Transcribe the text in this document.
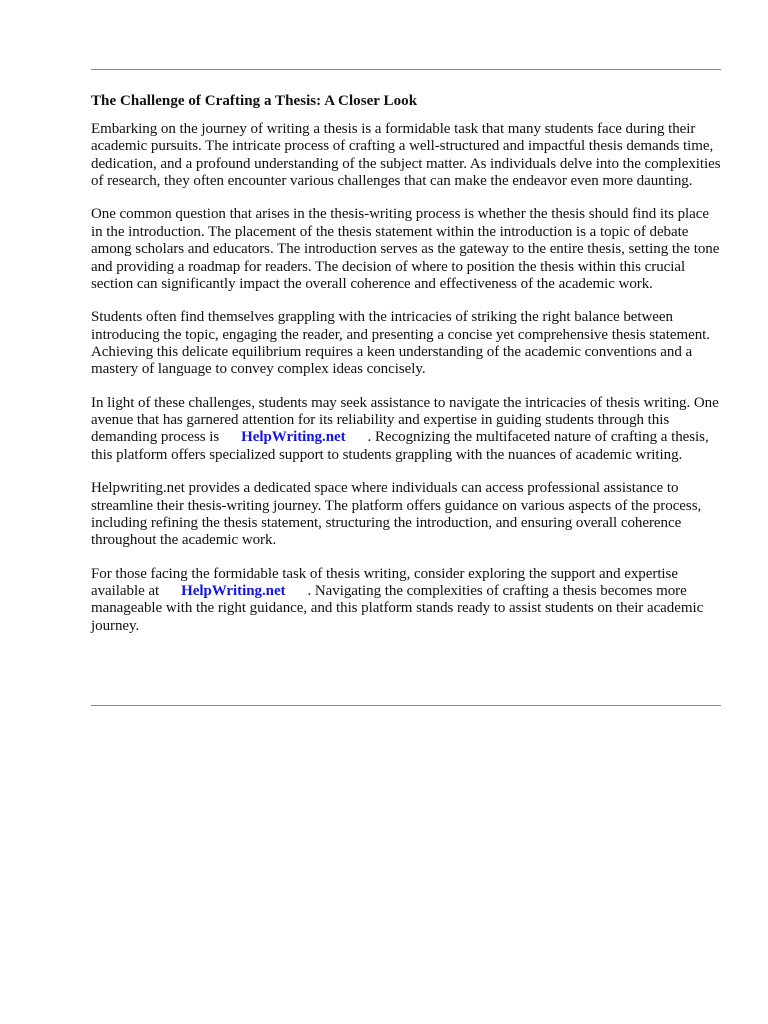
The Challenge of Crafting a Thesis: A Closer Look

Embarking on the journey of writing a thesis is a formidable task that many students face during their academic pursuits. The intricate process of crafting a well-structured and impactful thesis demands time, dedication, and a profound understanding of the subject matter. As individuals delve into the complexities of research, they often encounter various challenges that can make the endeavor even more daunting.

One common question that arises in the thesis-writing process is whether the thesis should find its place in the introduction. The placement of the thesis statement within the introduction is a topic of debate among scholars and educators. The introduction serves as the gateway to the entire thesis, setting the tone and providing a roadmap for readers. The decision of where to position the thesis within this crucial section can significantly impact the overall coherence and effectiveness of the academic work.

Students often find themselves grappling with the intricacies of striking the right balance between introducing the topic, engaging the reader, and presenting a concise yet comprehensive thesis statement. Achieving this delicate equilibrium requires a keen understanding of the academic conventions and a mastery of language to convey complex ideas concisely.

In light of these challenges, students may seek assistance to navigate the intricacies of thesis writing. One avenue that has garnered attention for its reliability and expertise in guiding students through this demanding process is HelpWriting.net . Recognizing the multifaceted nature of crafting a thesis, this platform offers specialized support to students grappling with the nuances of academic writing.

Helpwriting.net provides a dedicated space where individuals can access professional assistance to streamline their thesis-writing journey. The platform offers guidance on various aspects of the process, including refining the thesis statement, structuring the introduction, and ensuring overall coherence throughout the academic work.

For those facing the formidable task of thesis writing, consider exploring the support and expertise available at HelpWriting.net . Navigating the complexities of crafting a thesis becomes more manageable with the right guidance, and this platform stands ready to assist students on their academic journey.
